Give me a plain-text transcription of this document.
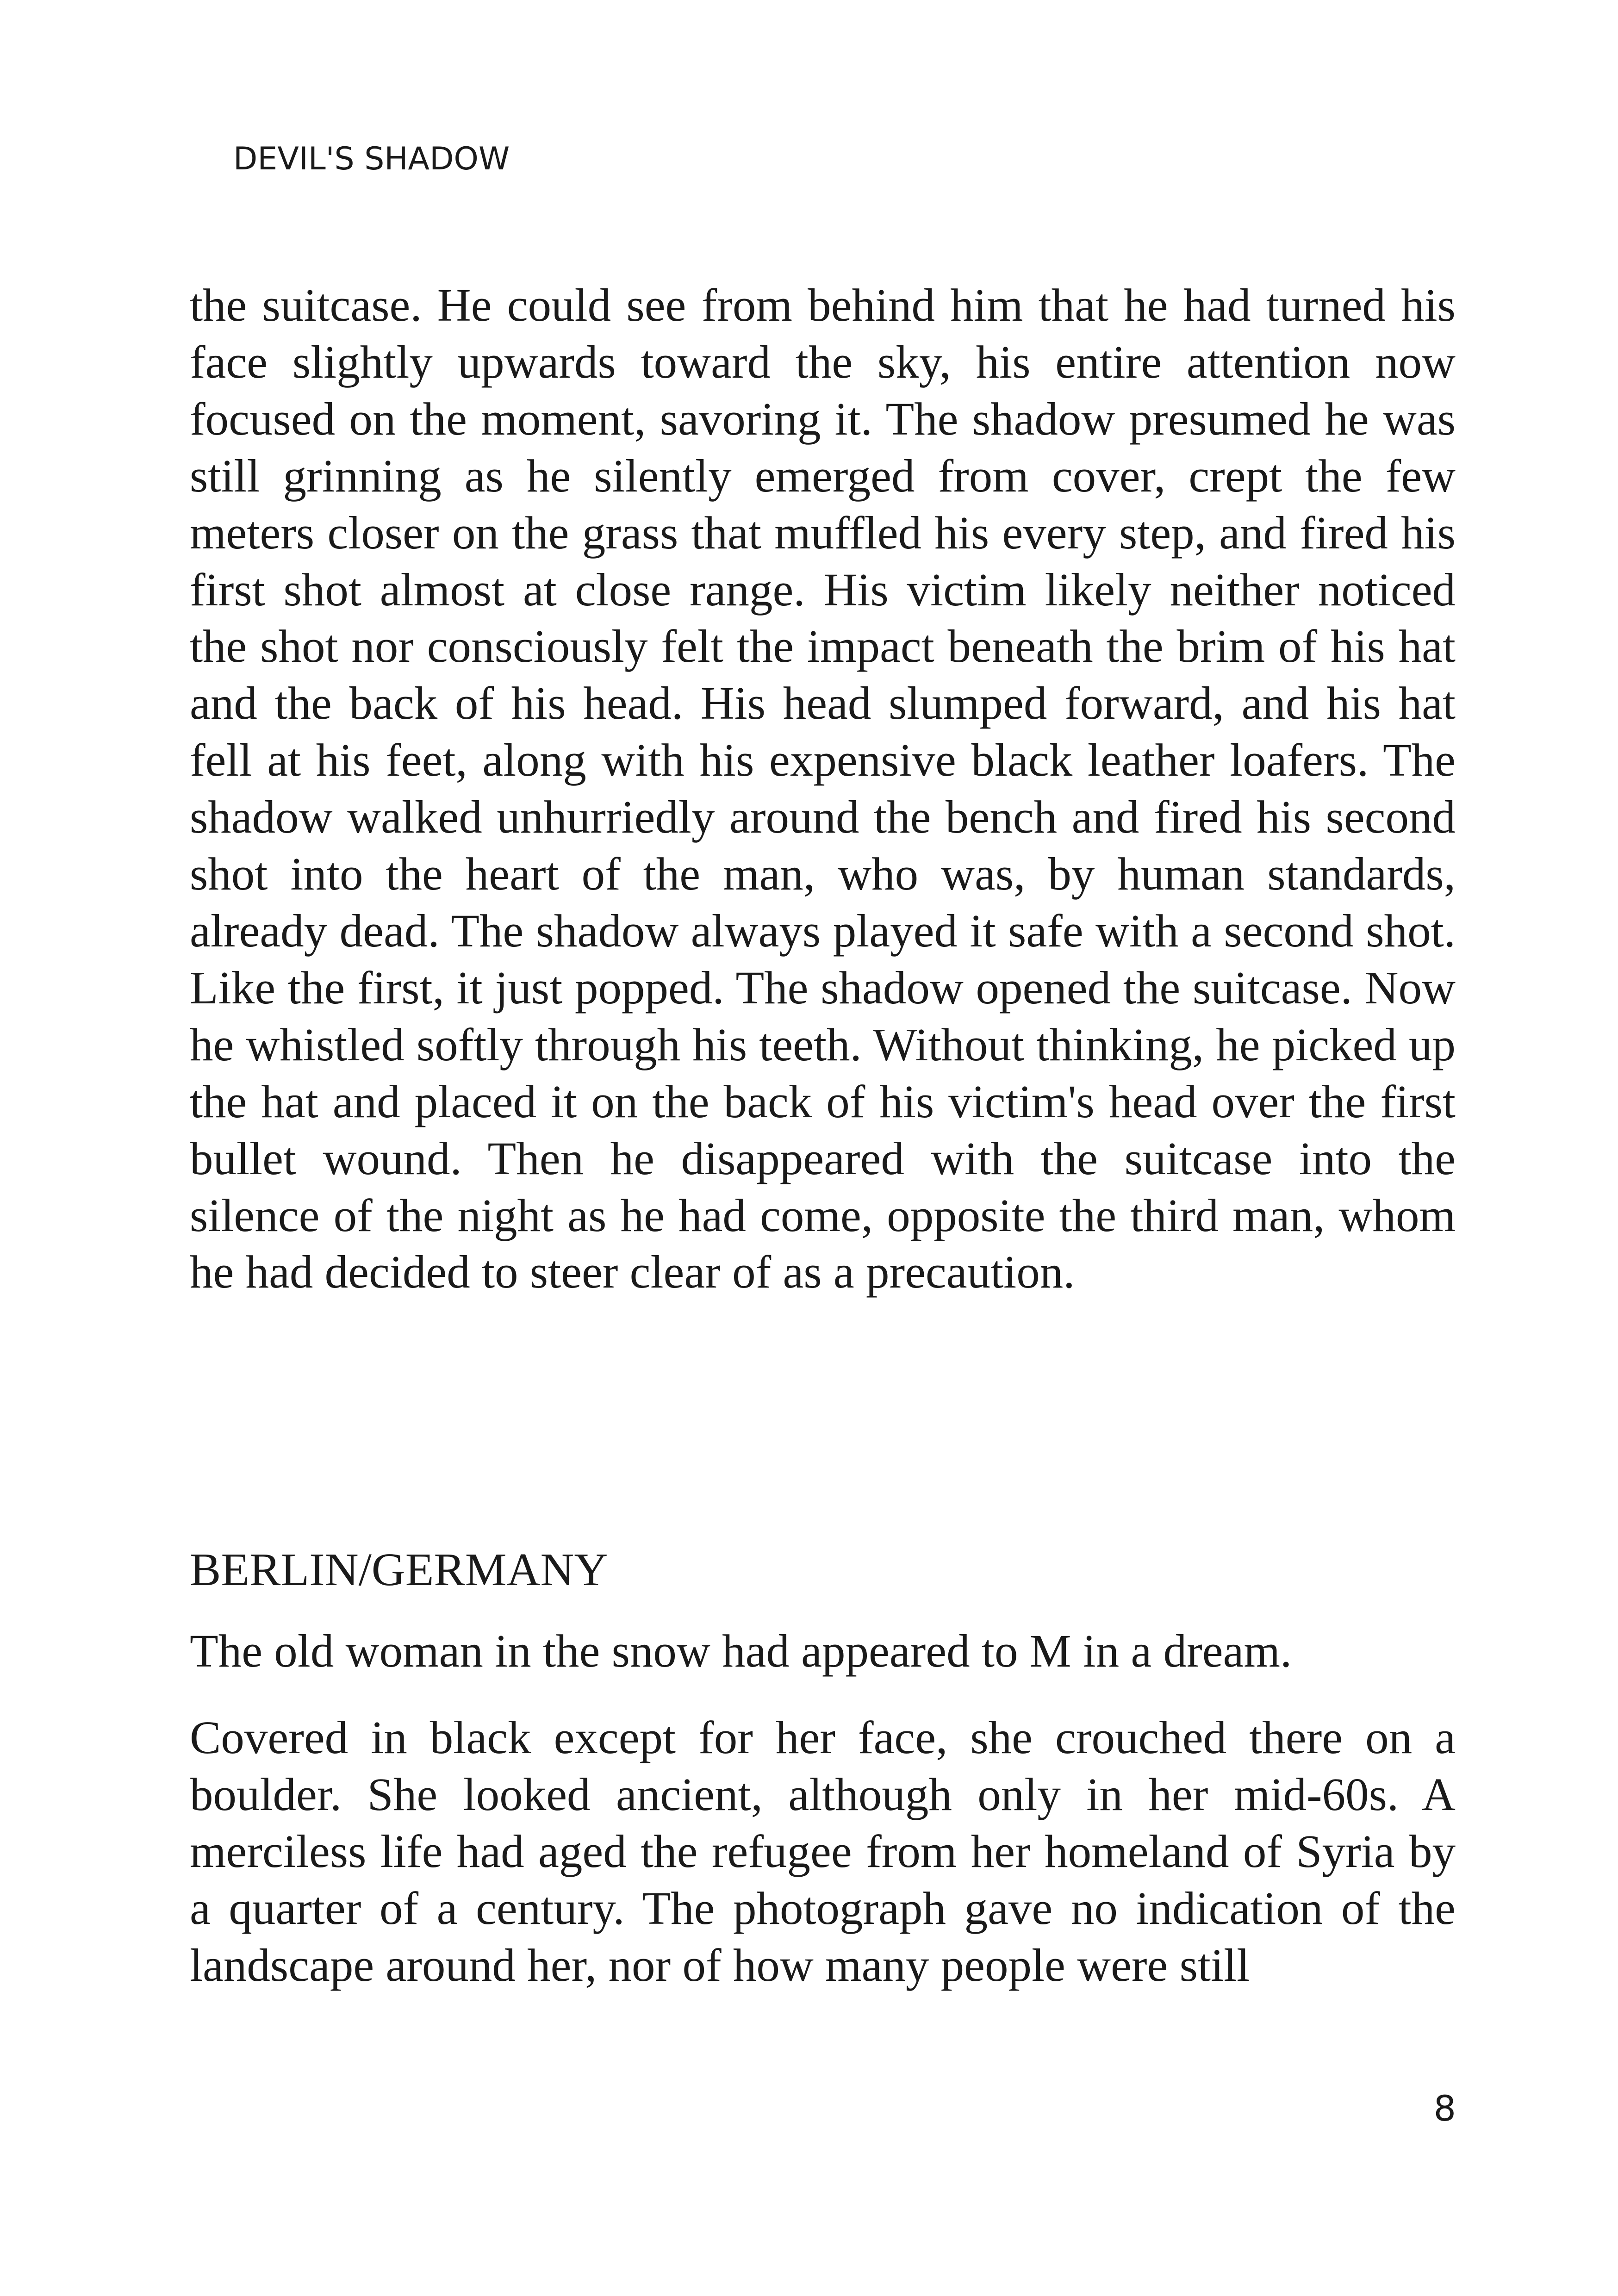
DEVIL'S SHADOW

the suitcase. He could see from behind him that he had turned his face slightly upwards toward the sky, his entire attention now focused on the moment, savoring it. The shadow presumed he was still grinning as he silently emerged from cover, crept the few meters closer on the grass that muffled his every step, and fired his first shot almost at close range. His victim likely neither noticed the shot nor consciously felt the impact beneath the brim of his hat and the back of his head. His head slumped forward, and his hat fell at his feet, along with his expensive black leather loafers. The shadow walked unhurriedly around the bench and fired his second shot into the heart of the man, who was, by human standards, already dead. The shadow always played it safe with a second shot. Like the first, it just popped. The shadow opened the suitcase. Now he whistled softly through his teeth. Without thinking, he picked up the hat and placed it on the back of his victim's head over the first bullet wound. Then he disappeared with the suitcase into the silence of the night as he had come, opposite the third man, whom he had decided to steer clear of as a precaution.

BERLIN/GERMANY
The old woman in the snow had appeared to M in a dream.

Covered in black except for her face, she crouched there on a boulder. She looked ancient, although only in her mid-60s. A merciless life had aged the refugee from her homeland of Syria by a quarter of a century. The photograph gave no indication of the landscape around her, nor of how many people were still

8
